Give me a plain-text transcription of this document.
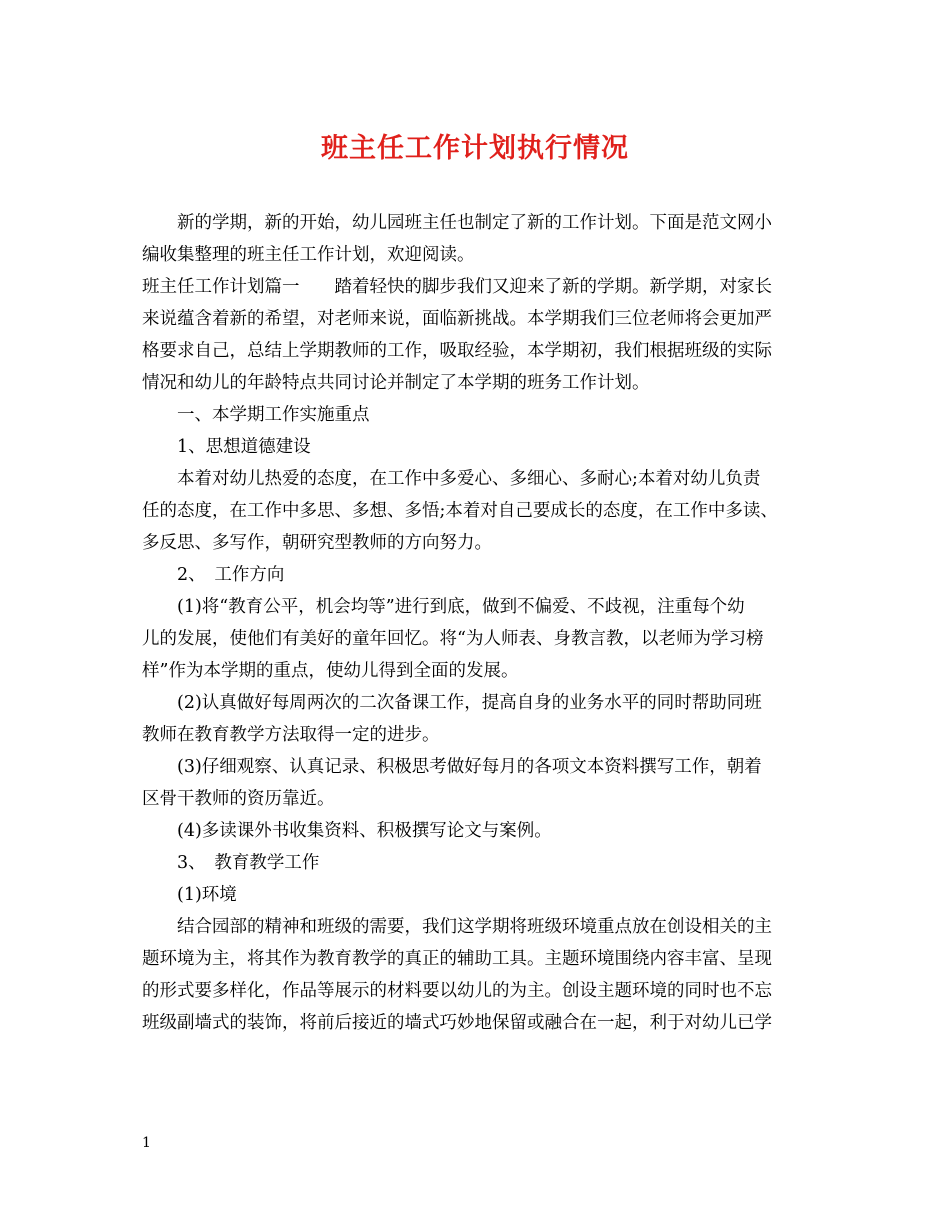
班主任工作计划执行情况
新的学期，新的开始，幼儿园班主任也制定了新的工作计划。下面是范文网小
编收集整理的班主任工作计划，欢迎阅读。
班主任工作计划篇一　　踏着轻快的脚步我们又迎来了新的学期。新学期，对家长
来说蕴含着新的希望，对老师来说，面临新挑战。本学期我们三位老师将会更加严
格要求自己，总结上学期教师的工作，吸取经验，本学期初，我们根据班级的实际
情况和幼儿的年龄特点共同讨论并制定了本学期的班务工作计划。
一、本学期工作实施重点
1、思想道德建设
本着对幼儿热爱的态度，在工作中多爱心、多细心、多耐心;本着对幼儿负责
任的态度，在工作中多思、多想、多悟;本着对自己要成长的态度，在工作中多读、
多反思、多写作，朝研究型教师的方向努力。
2、　工作方向
(1)将“教育公平，机会均等”进行到底，做到不偏爱、不歧视，注重每个幼
儿的发展，使他们有美好的童年回忆。将“为人师表、身教言教，以老师为学习榜
样”作为本学期的重点，使幼儿得到全面的发展。
(2)认真做好每周两次的二次备课工作，提高自身的业务水平的同时帮助同班
教师在教育教学方法取得一定的进步。
(3)仔细观察、认真记录、积极思考做好每月的各项文本资料撰写工作，朝着
区骨干教师的资历靠近。
(4)多读课外书收集资料、积极撰写论文与案例。
3、　教育教学工作
(1)环境
结合园部的精神和班级的需要，我们这学期将班级环境重点放在创设相关的主
题环境为主，将其作为教育教学的真正的辅助工具。主题环境围绕内容丰富、呈现
的形式要多样化，作品等展示的材料要以幼儿的为主。创设主题环境的同时也不忘
班级副墙式的装饰，将前后接近的墙式巧妙地保留或融合在一起，利于对幼儿已学
1
